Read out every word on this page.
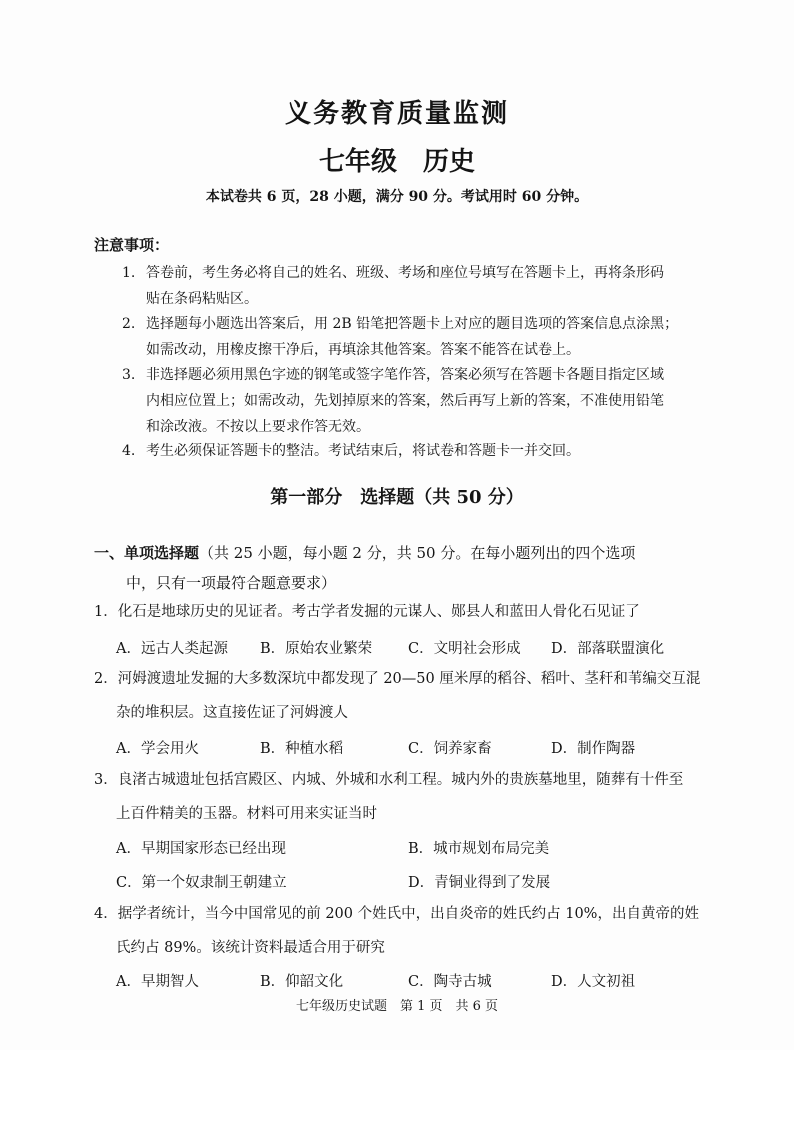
义务教育质量监测
七年级　历史
本试卷共 6 页，28 小题，满分 90 分。考试用时 60 分钟。
注意事项：
1. 答卷前，考生务必将自己的姓名、班级、考场和座位号填写在答题卡上，再将条形码
贴在条码粘贴区。
2. 选择题每小题选出答案后，用 2B 铅笔把答题卡上对应的题目选项的答案信息点涂黑；
如需改动，用橡皮擦干净后，再填涂其他答案。答案不能答在试卷上。
3. 非选择题必须用黑色字迹的钢笔或签字笔作答，答案必须写在答题卡各题目指定区域
内相应位置上；如需改动，先划掉原来的答案，然后再写上新的答案，不准使用铅笔
和涂改液。不按以上要求作答无效。
4. 考生必须保证答题卡的整洁。考试结束后，将试卷和答题卡一并交回。
第一部分　选择题（共 50 分）
一、单项选择题（共 25 小题，每小题 2 分，共 50 分。在每小题列出的四个选项
中，只有一项最符合题意要求）
1．化石是地球历史的见证者。考古学者发掘的元谋人、郧县人和蓝田人骨化石见证了
A．远古人类起源 B．原始农业繁荣 C．文明社会形成 D．部落联盟演化
2．河姆渡遗址发掘的大多数深坑中都发现了 20—50 厘米厚的稻谷、稻叶、茎秆和苇编交互混
杂的堆积层。这直接佐证了河姆渡人
A．学会用火	B．种植水稻	C．饲养家畜	D．制作陶器
3．良渚古城遗址包括宫殿区、内城、外城和水利工程。城内外的贵族墓地里，随葬有十件至
上百件精美的玉器。材料可用来实证当时
A．早期国家形态已经出现	B．城市规划布局完美
C．第一个奴隶制王朝建立	D．青铜业得到了发展
4．据学者统计，当今中国常见的前 200 个姓氏中，出自炎帝的姓氏约占 10%，出自黄帝的姓
氏约占 89%。该统计资料最适合用于研究
A．早期智人	B．仰韶文化	C．陶寺古城	D．人文初祖
七年级历史试题　第 1 页　共 6 页
